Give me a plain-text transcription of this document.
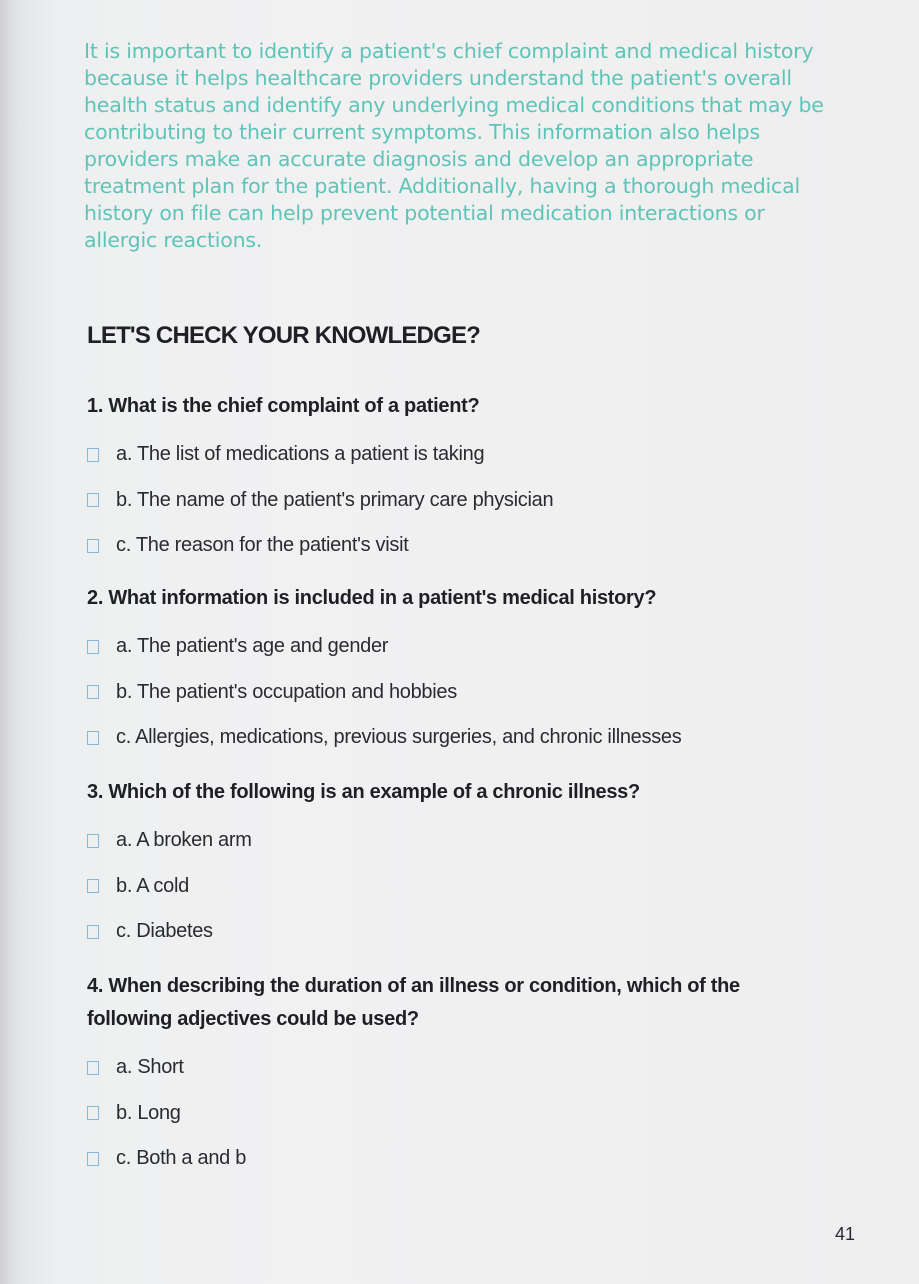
It is important to identify a patient's chief complaint and medical history because it helps healthcare providers understand the patient's overall health status and identify any underlying medical conditions that may be contributing to their current symptoms. This information also helps providers make an accurate diagnosis and develop an appropriate treatment plan for the patient. Additionally, having a thorough medical history on file can help prevent potential medication interactions or allergic reactions.

LET'S CHECK YOUR KNOWLEDGE?

1. What is the chief complaint of a patient?

a. The list of medications a patient is taking
b. The name of the patient's primary care physician
c. The reason for the patient's visit

2. What information is included in a patient's medical history?

a. The patient's age and gender
b. The patient's occupation and hobbies
c. Allergies, medications, previous surgeries, and chronic illnesses

3. Which of the following is an example of a chronic illness?

a. A broken arm
b. A cold
c. Diabetes

4. When describing the duration of an illness or condition, which of the following adjectives could be used?

a. Short
b. Long
c. Both a and b
41
